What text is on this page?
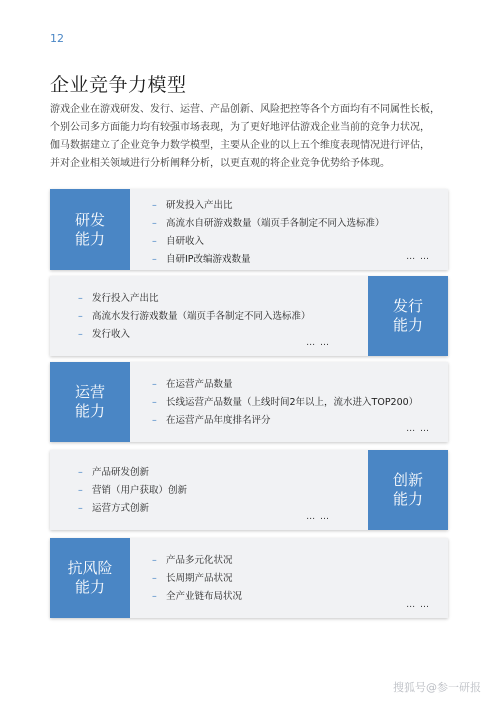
12
企业竞争力模型
游戏企业在游戏研发、发行、运营、产品创新、风险把控等各个方面均有不同属性长板，
个别公司多方面能力均有较强市场表现，为了更好地评估游戏企业当前的竞争力状况，
伽马数据建立了企业竞争力数学模型，主要从企业的以上五个维度表现情况进行评估，
并对企业相关领域进行分析阐释分析，以更直观的将企业竞争优势给予体现。
研发
能力
– 研发投入产出比
– 高流水自研游戏数量（端页手各制定不同入选标准）
– 自研收入
– 自研IP改编游戏数量	… …
发行
能力
– 发行投入产出比
– 高流水发行游戏数量（端页手各制定不同入选标准）
– 发行收入
… …
运营
能力
– 在运营产品数量
– 长线运营产品数量（上线时间2年以上，流水进入TOP200）
– 在运营产品年度排名评分
… …
创新
能力
– 产品研发创新
– 营销（用户获取）创新
– 运营方式创新
… …
抗风险
能力
– 产品多元化状况
– 长周期产品状况
– 全产业链布局状况
… …
搜狐号@参一研报
